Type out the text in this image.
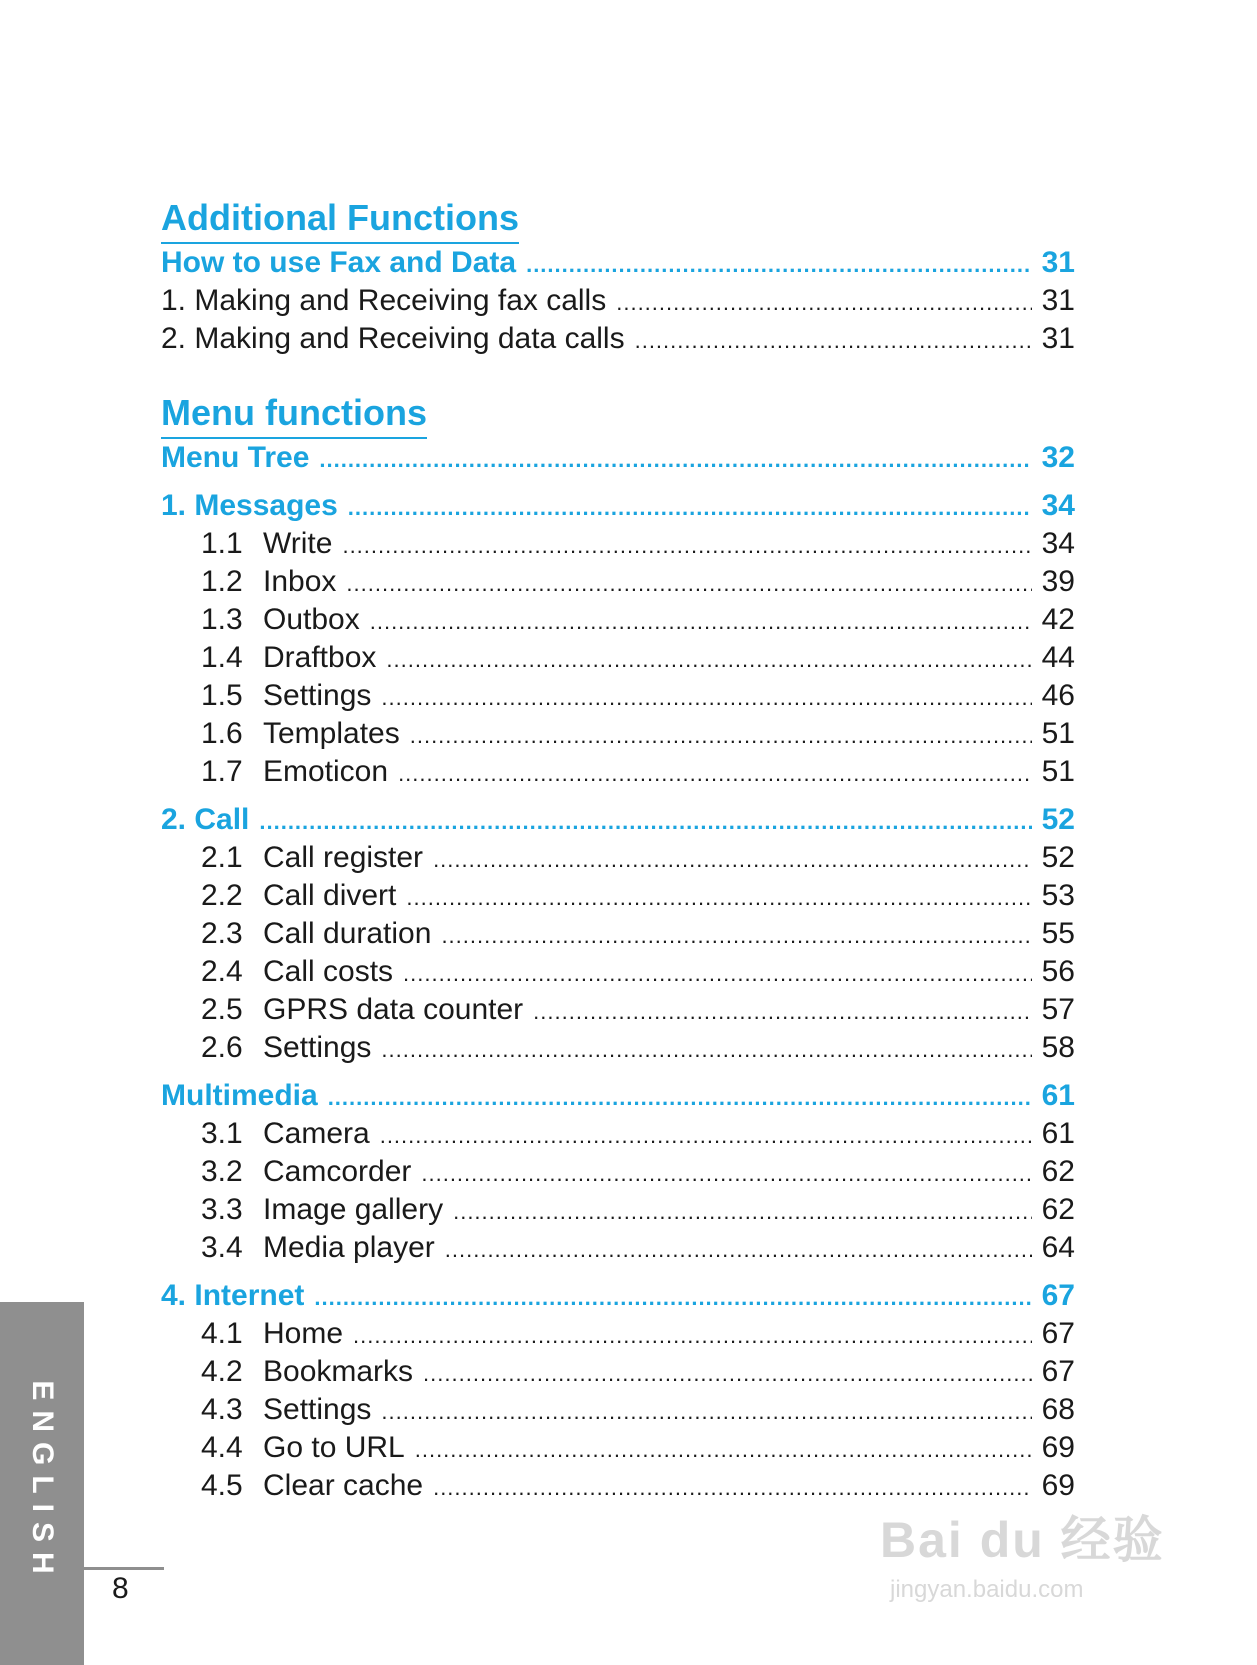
Additional Functions
How to use Fax and Data .....	31
1. Making and Receiving fax calls .....	31
2. Making and Receiving data calls .....	31
Menu functions
Menu Tree .....	32
1. Messages .....	34
1.1 Write .....	34
1.2 Inbox .....	39
1.3 Outbox .....	42
1.4 Draftbox .....	44
1.5 Settings .....	46
1.6 Templates .....	51
1.7 Emoticon .....	51
2. Call .....	52
2.1 Call register .....	52
2.2 Call divert .....	53
2.3 Call duration .....	55
2.4 Call costs .....	56
2.5 GPRS data counter .....	57
2.6 Settings .....	58
Multimedia .....	61
3.1 Camera .....	61
3.2 Camcorder .....	62
3.3 Image gallery .....	62
3.4 Media player .....	64
4. Internet .....	67
4.1 Home .....	67
4.2 Bookmarks .....	67
4.3 Settings .....	68
4.4 Go to URL .....	69
4.5 Clear cache .....	69
ENGLISH
8
Bai du 经验
jingyan.baidu.com
